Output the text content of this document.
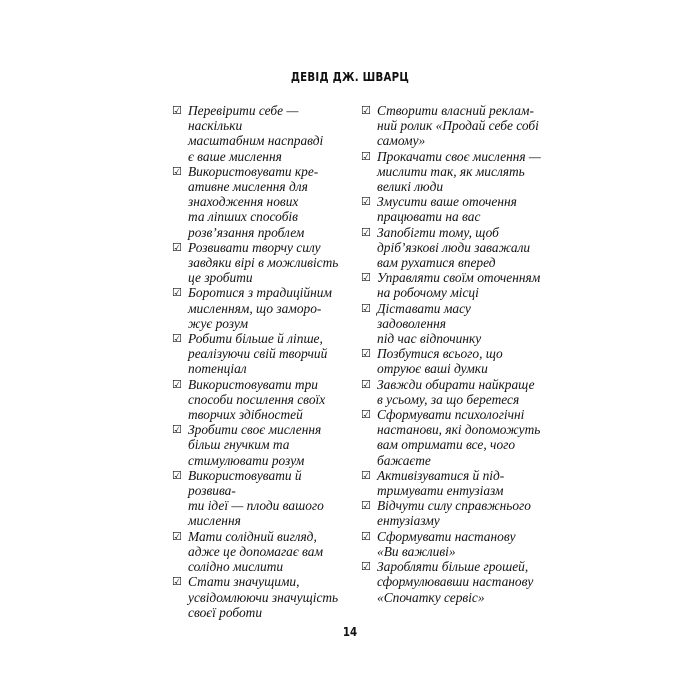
ДЕВІД ДЖ. ШВАРЦ
☑ Перевірити себе — наскільки
масштабним насправді
є ваше мислення
☑ Використовувати кре-
ативне мислення для
знаходження нових
та ліпших способів
розв’язання проблем
☑ Розвивати творчу силу
завдяки вірі в можливість
це зробити
☑ Боротися з традиційним
мисленням, що заморо-
жує розум
☑ Робити більше й ліпше,
реалізуючи свій творчий
потенціал
☑ Використовувати три
способи посилення своїх
творчих здібностей
☑ Зробити своє мислення
більш гнучким та
стимулювати розум
☑ Використовувати й розвива-
ти ідеї — плоди вашого
мислення
☑ Мати солідний вигляд,
адже це допомагає вам
солідно мислити
☑ Стати значущими,
усвідомлюючи значущість
своєї роботи
☑ Створити власний реклам-
ний ролик «Продай себе собі
самому»
☑ Прокачати своє мислення —
мислити так, як мислять
великі люди
☑ Змусити ваше оточення
працювати на вас
☑ Запобігти тому, щоб
дріб’язкові люди заважали
вам рухатися вперед
☑ Управляти своїм оточенням
на робочому місці
☑ Діставати масу задоволення
під час відпочинку
☑ Позбутися всього, що
отруює ваші думки
☑ Завжди обирати найкраще
в усьому, за що беретеся
☑ Сформувати психологічні
настанови, які допоможуть
вам отримати все, чого
бажаєте
☑ Активізуватися й під-
тримувати ентузіазм
☑ Відчути силу справжнього
ентузіазму
☑ Сформувати настанову
«Ви важливі»
☑ Заробляти більше грошей,
сформулювавши настанову
«Спочатку сервіс»
14
